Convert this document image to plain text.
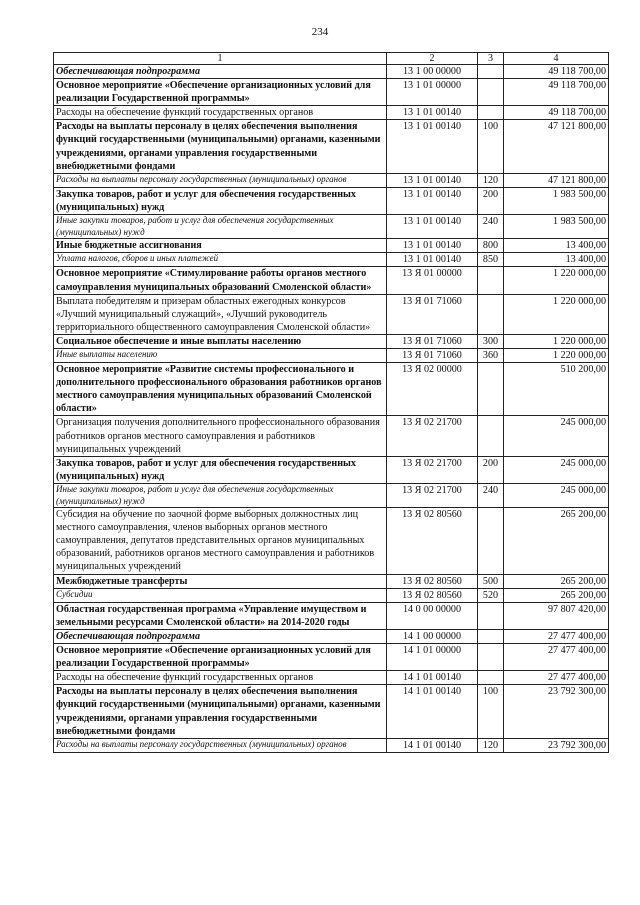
234
1	2	3	4
Обеспечивающая подпрограмма	13 1 00 00000		49 118 700,00
Основное мероприятие «Обеспечение организационных условий для реализации Государственной программы»	13 1 01 00000		49 118 700,00
Расходы на обеспечение функций государственных органов	13 1 01 00140		49 118 700,00
Расходы на выплаты персоналу в целях обеспечения выполнения функций государственными (муниципальными) органами, казенными учреждениями, органами управления государственными внебюджетными фондами	13 1 01 00140	100	47 121 800,00
Расходы на выплаты персоналу государственных (муниципальных) органов	13 1 01 00140	120	47 121 800,00
Закупка товаров, работ и услуг для обеспечения государственных (муниципальных) нужд	13 1 01 00140	200	1 983 500,00
Иные закупки товаров, работ и услуг для обеспечения государственных (муниципальных) нужд	13 1 01 00140	240	1 983 500,00
Иные бюджетные ассигнования	13 1 01 00140	800	13 400,00
Уплата налогов, сборов и иных платежей	13 1 01 00140	850	13 400,00
Основное мероприятие «Стимулирование работы органов местного самоуправления муниципальных образований Смоленской области»	13 Я 01 00000		1 220 000,00
Выплата победителям и призерам областных ежегодных конкурсов «Лучший муниципальный служащий», «Лучший руководитель территориального общественного самоуправления Смоленской области»	13 Я 01 71060		1 220 000,00
Социальное обеспечение и иные выплаты населению	13 Я 01 71060	300	1 220 000,00
Иные выплаты населению	13 Я 01 71060	360	1 220 000,00
Основное мероприятие «Развитие системы профессионального и дополнительного профессионального образования работников органов местного самоуправления муниципальных образований Смоленской области»	13 Я 02 00000		510 200,00
Организация получения дополнительного профессионального образования работников органов местного самоуправления и работников муниципальных учреждений	13 Я 02 21700		245 000,00
Закупка товаров, работ и услуг для обеспечения государственных (муниципальных) нужд	13 Я 02 21700	200	245 000,00
Иные закупки товаров, работ и услуг для обеспечения государственных (муниципальных) нужд	13 Я 02 21700	240	245 000,00
Субсидия на обучение по заочной форме выборных должностных лиц местного самоуправления, членов выборных органов местного самоуправления, депутатов представительных органов муниципальных образований, работников органов местного самоуправления и работников муниципальных учреждений	13 Я 02 80560		265 200,00
Межбюджетные трансферты	13 Я 02 80560	500	265 200,00
Субсидии	13 Я 02 80560	520	265 200,00
Областная государственная программа «Управление имуществом и земельными ресурсами Смоленской области» на 2014-2020 годы	14 0 00 00000		97 807 420,00
Обеспечивающая подпрограмма	14 1 00 00000		27 477 400,00
Основное мероприятие «Обеспечение организационных условий для реализации Государственной программы»	14 1 01 00000		27 477 400,00
Расходы на обеспечение функций государственных органов	14 1 01 00140		27 477 400,00
Расходы на выплаты персоналу в целях обеспечения выполнения функций государственными (муниципальными) органами, казенными учреждениями, органами управления государственными внебюджетными фондами	14 1 01 00140	100	23 792 300,00
Расходы на выплаты персоналу государственных (муниципальных) органов	14 1 01 00140	120	23 792 300,00
